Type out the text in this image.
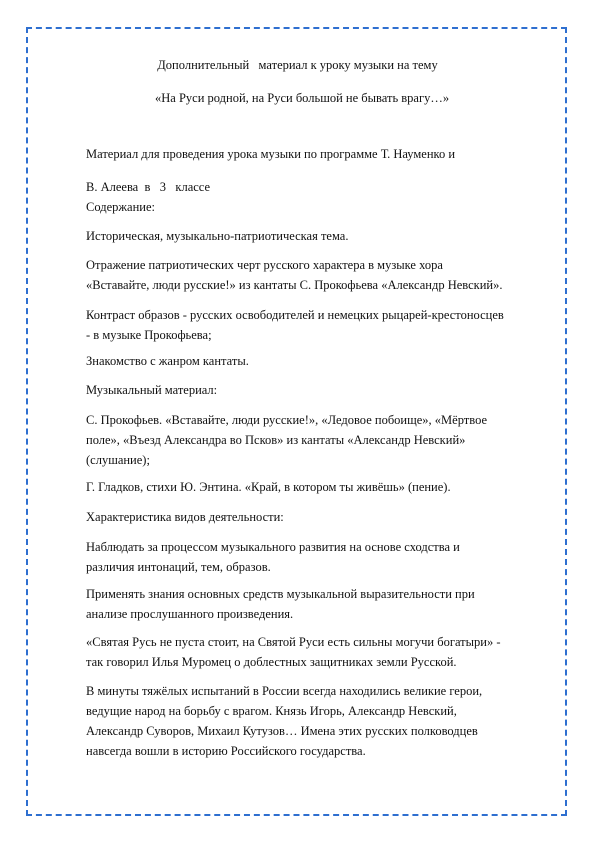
Дополнительный   материал к уроку музыки на тему
«На Руси родной, на Руси большой не бывать врагу…»

Материал для проведения урока музыки по программе Т. Науменко и

В. Алеева  в   3   классе
Содержание:

Историческая, музыкально-патриотическая тема.

Отражение патриотических черт русского характера в музыке хора
«Вставайте, люди русские!» из кантаты С. Прокофьева «Александр Невский».

Контраст образов - русских освободителей и немецких рыцарей-крестоносцев
- в музыке Прокофьева;

Знакомство с жанром кантаты.

Музыкальный материал:

С. Прокофьев. «Вставайте, люди русские!», «Ледовое побоище», «Мёртвое
поле», «Въезд Александра во Псков» из кантаты «Александр Невский»
(слушание);

Г. Гладков, стихи Ю. Энтина. «Край, в котором ты живёшь» (пение).

Характеристика видов деятельности:

Наблюдать за процессом музыкального развития на основе сходства и
различия интонаций, тем, образов.

Применять знания основных средств музыкальной выразительности при
анализе прослушанного произведения.

«Святая Русь не пуста стоит, на Святой Руси есть сильны могучи богатыри» -
так говорил Илья Муромец о доблестных защитниках земли Русской.

В минуты тяжёлых испытаний в России всегда находились великие герои,
ведущие народ на борьбу с врагом. Князь Игорь, Александр Невский,
Александр Суворов, Михаил Кутузов… Имена этих русских полководцев
навсегда вошли в историю Российского государства.
